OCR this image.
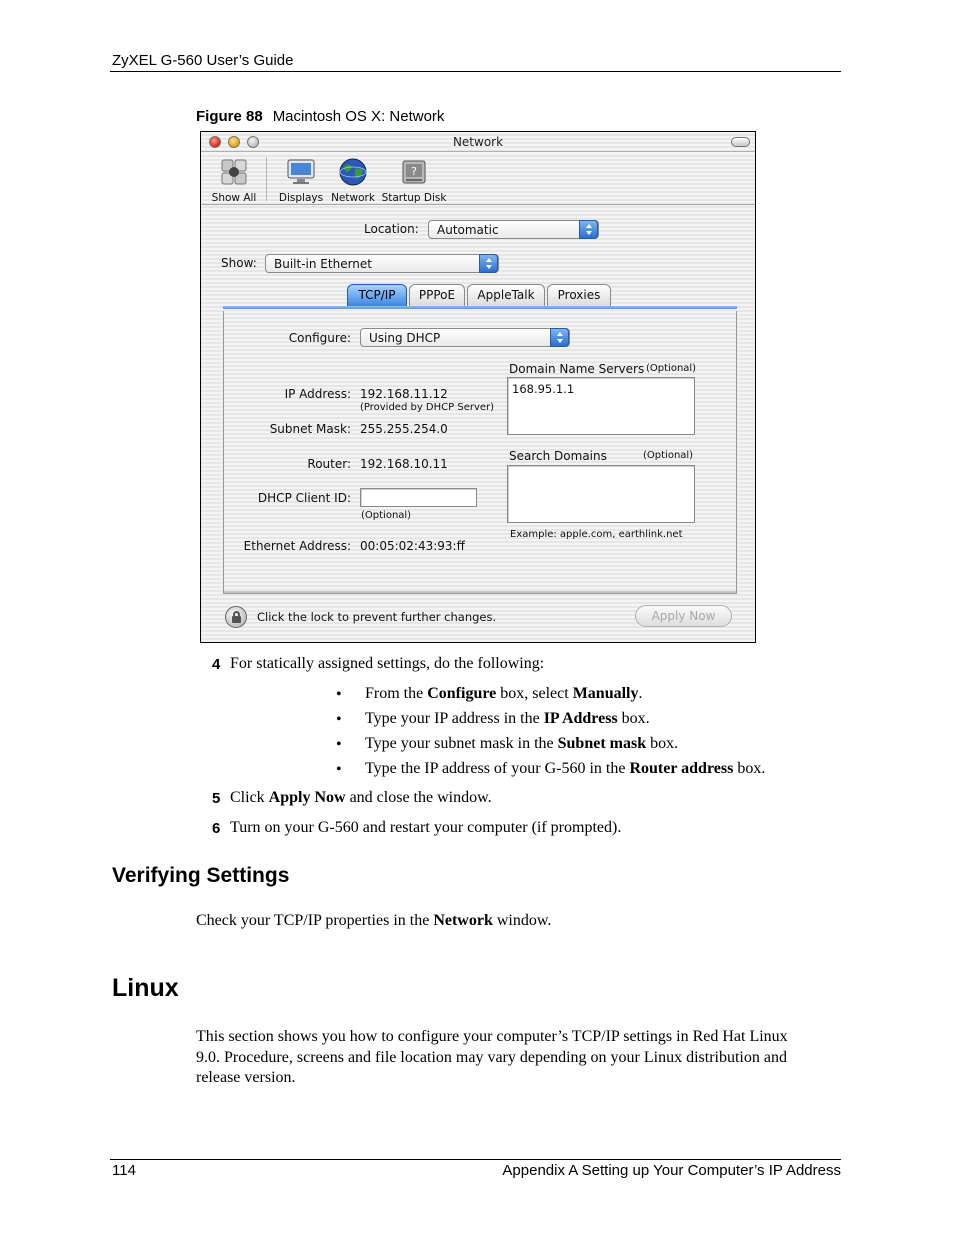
ZyXEL G-560 User’s Guide
Figure 88 Macintosh OS X: Network
Network
Show All	Displays Network
?
Startup Disk
Location:	Automatic
Show:	Built-in Ethernet
TCP/IP	PPPoE	AppleTalk	Proxies
Configure:	Using DHCP
Domain Name Servers (Optional)
168.95.1.1
IP Address: 192.168.11.12
(Provided by DHCP Server)
Subnet Mask: 255.255.254.0
Search Domains	(Optional)
Router: 192.168.10.11
DHCP Client ID:
(Optional)
Example: apple.com, earthlink.net
Ethernet Address: 00:05:02:43:93:ff
Click the lock to prevent further changes.	Apply Now
4 For statically assigned settings, do the following:
• From the Configure box, select Manually.
• Type your IP address in the IP Address box.
• Type your subnet mask in the Subnet mask box.
• Type the IP address of your G-560 in the Router address box.
5 Click Apply Now and close the window.
6 Turn on your G-560 and restart your computer (if prompted).
Verifying Settings
Check your TCP/IP properties in the Network window.
Linux
This section shows you how to configure your computer’s TCP/IP settings in Red Hat Linux
9.0. Procedure, screens and file location may vary depending on your Linux distribution and
release version.
114	Appendix A Setting up Your Computer’s IP Address
